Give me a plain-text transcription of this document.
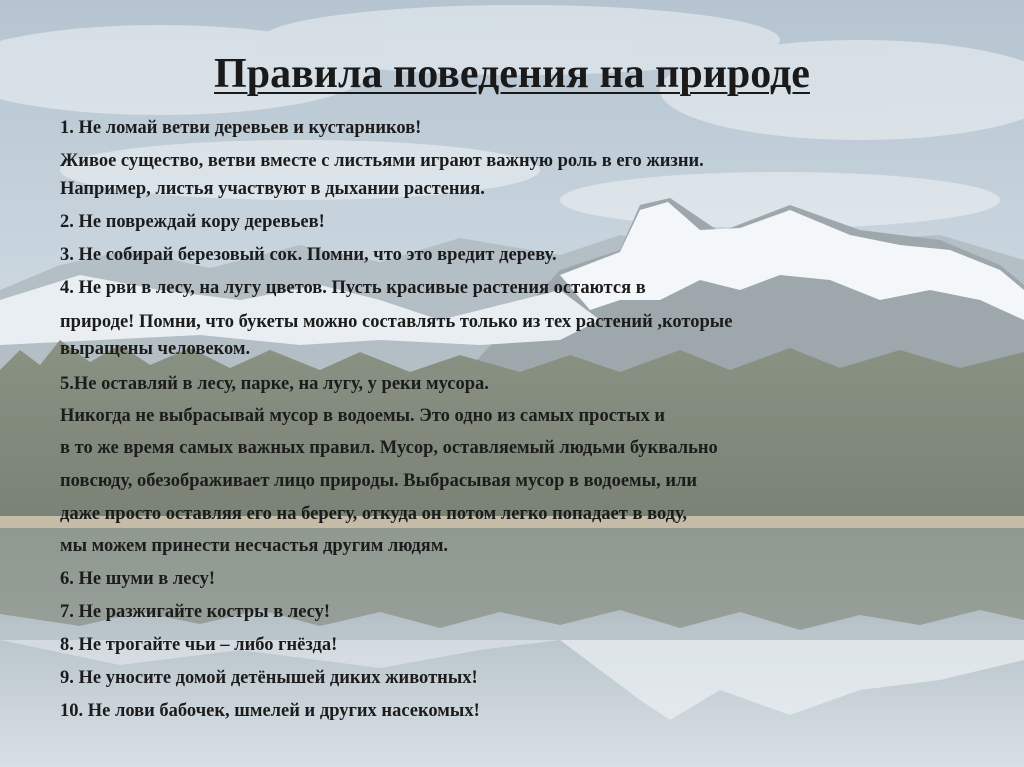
Правила поведения на природе
1. Не ломай ветви деревьев и кустарников!
Живое существо, ветви вместе с листьями играют важную роль в его жизни.
Например, листья участвуют в дыхании растения.
2. Не повреждай кору деревьев!
3. Не собирай березовый сок. Помни, что это вредит дереву.
4. Не рви в лесу, на лугу цветов. Пусть красивые растения остаются в
природе! Помни, что букеты можно составлять только из тех растений ,которые
выращены человеком.
5.Не оставляй в лесу, парке, на лугу, у реки мусора.
Никогда не выбрасывай мусор в водоемы. Это одно из самых простых и
в то же время самых важных правил. Мусор, оставляемый людьми буквально
повсюду, обезображивает лицо природы. Выбрасывая мусор в водоемы, или
даже просто оставляя его на берегу, откуда он потом легко попадает в воду,
мы можем принести несчастья другим людям.
6. Не шуми в лесу!
7. Не разжигайте костры в лесу!
8. Не трогайте чьи – либо гнёзда!
9. Не уносите домой детёнышей диких животных!
10. Не лови бабочек, шмелей и других насекомых!
